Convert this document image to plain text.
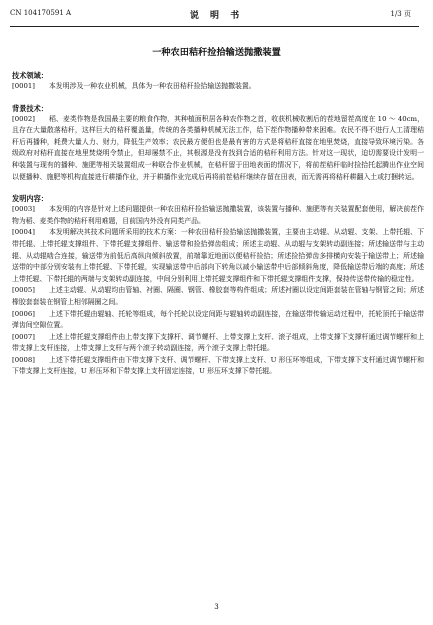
CN 104170591 A	说 明 书	1/3 页
一种农田秸秆捡拾输送抛撒装置

技术领域：

[0001] 本发明涉及一种农业机械，具体为一种农田秸秆捡拾输送抛撒装置。

背景技术：

[0002] 稻、麦类作物是我国最主要的粮食作物，其种植面积居各种农作物之首，收获机械收割后的茬地留茬高度在 10 ～ 40cm，且存在大量散落秸秆，这样巨大的秸秆覆盖量，传统的各类播种机械无法工作，给下茬作物播种带来困难。农民不得不进行人工清理秸秆后再播种，耗费大量人力、财力，降低生产效率；农民最方便但也是最有害的方式是将秸秆直接在地里焚烧，直接导致环境污染。各级政府对秸秆直接在地里焚烧明令禁止，但却屡禁不止，其根源是没有找到合适的秸秆利用方法。针对这一现状，迫切需要设计发明一种装置与现有的播种、施肥等相关装置组成一种联合作业机械，在秸秆留于田地表面的情况下，将前茬秸秆临时捡拾托起腾出作业空间以便播种、施肥等机构直接进行耕播作业，并于耕播作业完成后再将前茬秸秆继续存留在田表，而无需再将秸秆耕翻入土或打捆转运。

发明内容：

[0003] 本发明的内容是针对上述问题提供一种农田秸秆捡拾输送抛撒装置，该装置与播种、施肥等有关装置配套使用，解决前茬作物为稻、麦类作物的秸秆利用难题，目前国内外没有同类产品。

[0004] 本发明解决其技术问题所采用的技术方案：一种农田秸秆捡拾输送抛撒装置，主要由主动辊、从动辊、支架、上带托辊、下带托辊、上带托辊支撑组件、下带托辊支撑组件、输送带和捡拾弹齿组成；所述主动辊、从动辊与支架转动副连接；所述输送带与主动辊、从动辊啮合连接，输送带为前低后高纵向倾斜放置，前端靠近地面以便秸秆捡拾；所述捡拾弹齿多排横向安装于输送带上；所述输送带的中部分别安装有上带托辊、下带托辊，实现输送带中后部向下转角以减小输送带中后部倾斜角度，降低输送带后端的高度；所述上带托辊、下带托辊的两端与支架转动副连接，中间分别利用上带托辊支撑组件和下带托辊支撑组件支撑，保持传送带传输的稳定性。

[0005] 上述主动辊、从动辊均由管轴、衬圈、隔圈、钢管、橡胶套等构件组成；所述衬圈以设定间距套装在管轴与钢管之间；所述橡胶套套装在钢管上相邻隔圈之间。

[0006] 上述下带托辊由辊轴、托轮等组成，每个托轮以设定间距与辊轴转动副连接，在输送带传输运动过程中，托轮顶托于输送带弹齿间空隙位置。

[0007] 上述上带托辊支撑组件由上带支撑下支撑杆、调节螺杆、上带支撑上支杆、滚子组成，上带支撑下支撑杆通过调节螺杆和上带支撑上支杆连接，上带支撑上支杆与两个滚子转动副连接，两个滚子支撑上带托辊。

[0008] 上述下带托辊支撑组件由下带支撑下支杆、调节螺杆、下带支撑上支杆、U 形压环等组成，下带支撑下支杆通过调节螺杆和下带支撑上支杆连接，U 形压环和下带支撑上支杆固定连接，U 形压环支撑下带托辊。

3
